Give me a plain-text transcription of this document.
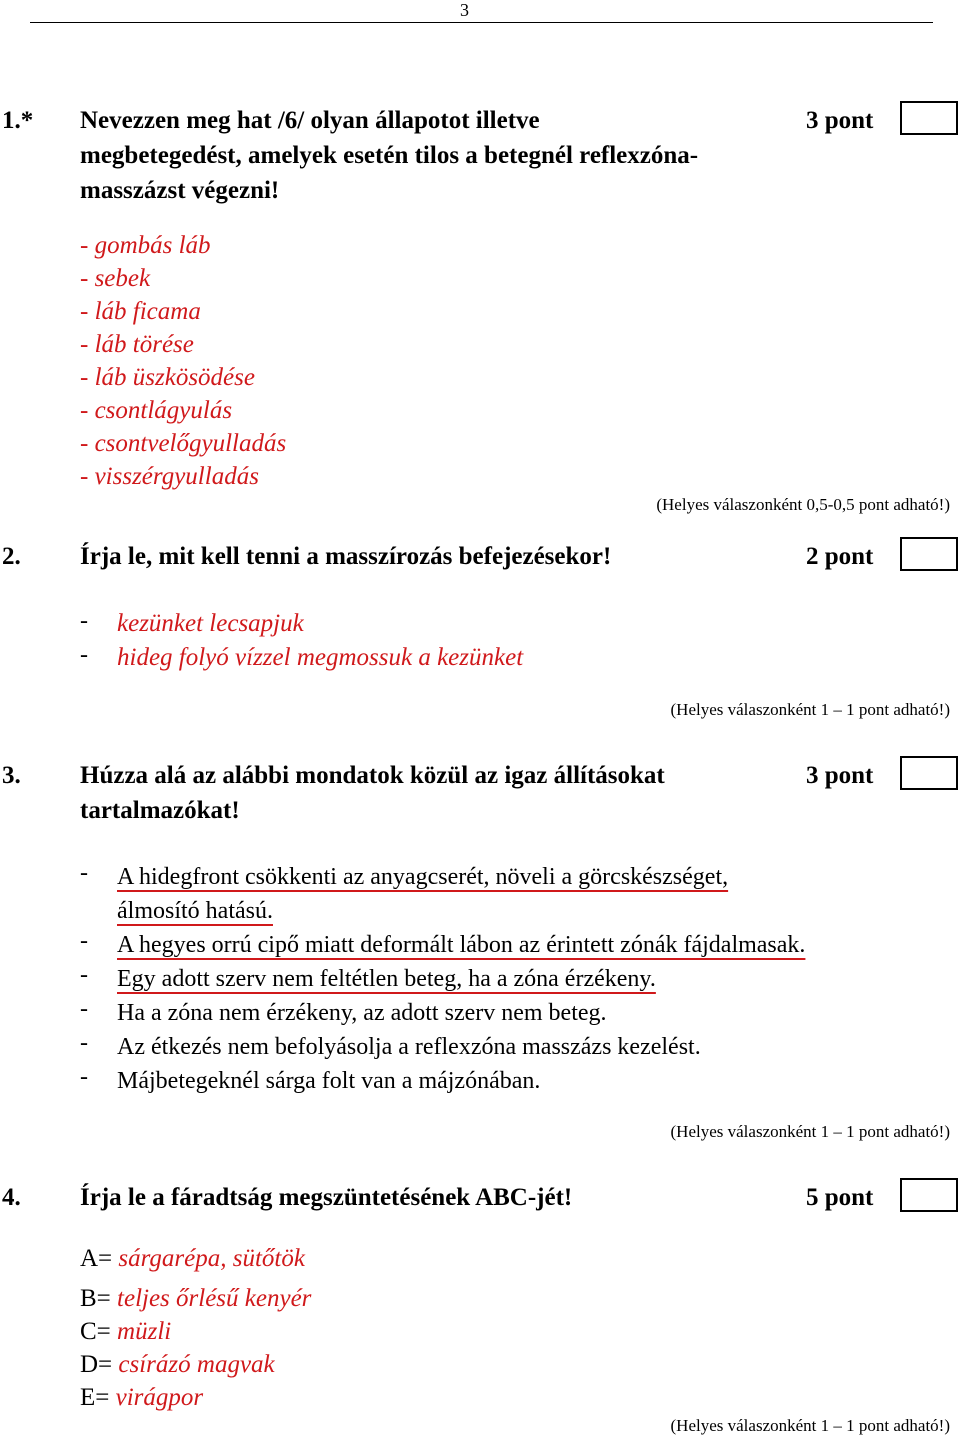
3
1.* Nevezzen meg hat /6/ olyan állapotot illetve
megbetegedést, amelyek esetén tilos a betegnél reflexzóna-
masszázst végezni!
3 pont
- gombás láb
- sebek
- láb ficama
- láb törése
- láb üszkösödése
- csontlágyulás
- csontvelőgyulladás
- visszérgyulladás
(Helyes válaszonként 0,5-0,5 pont adható!)
2. Írja le, mit kell tenni a masszírozás befejezésekor!	2 pont
- kezünket lecsapjuk
- hideg folyó vízzel megmossuk a kezünket
(Helyes válaszonként 1 – 1 pont adható!)
3. Húzza alá az alábbi mondatok közül az igaz állításokat
tartalmazókat!
3 pont
- A hidegfront csökkenti az anyagcserét, növeli a görcskészséget,
álmosító hatású.
- A hegyes orrú cipő miatt deformált lábon az érintett zónák fájdalmasak.
- Egy adott szerv nem feltétlen beteg, ha a zóna érzékeny.
- Ha a zóna nem érzékeny, az adott szerv nem beteg.
- Az étkezés nem befolyásolja a reflexzóna masszázs kezelést.
- Májbetegeknél sárga folt van a májzónában.
(Helyes válaszonként 1 – 1 pont adható!)
4. Írja le a fáradtság megszüntetésének ABC-jét!	5 pont
A= sárgarépa, sütőtök
B= teljes őrlésű kenyér
C= müzli
D= csírázó magvak
E= virágpor
(Helyes válaszonként 1 – 1 pont adható!)
